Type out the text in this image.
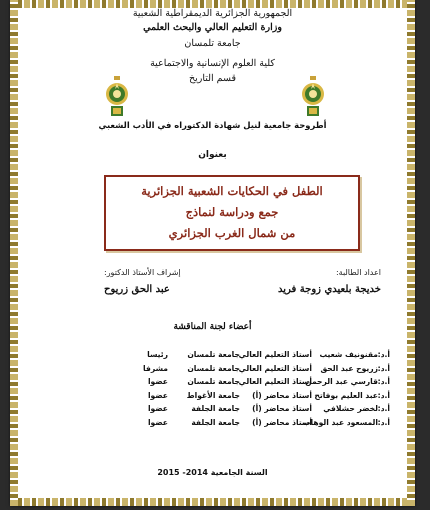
الجمهورية الجزائرية الديمقراطية الشعبية
وزارة التعليم العالي والبحث العلمي
جامعة تلمسان
كلية العلوم الإنسانية والاجتماعية
قسم التاريخ
أطروحة جامعية لنيل شهادة الدكتوراه في الأدب الشعبي
بعنوان
الطفل في الحكايات الشعبية الجزائرية
جمع ودراسة لنماذج
من شمال الغرب الجزائري
اعداد الطالبة:
إشراف الأستاذ الدكتور:
خديجة بلعيدي زوجة فريد
عبد الحق زريوح
أعضاء لجنة المناقشة
أ.د:
مقنونيف شعيب
أستاذ التعليم العالي
جامعة تلمسان
رئيسا
أ.د:
زريوح عبد الحق
أستاذ التعليم العالي
جامعة تلمسان
مشرفا
أ.د:
قارسي عبد الرحمن
أستاذ التعليم العالي
جامعة تلمسان
عضوا
أ.د:
عبد العليم بوفاتح
أستاذ محاضر (أ)
جامعة الأغواط
عضوا
أ.د:
لخضر حشلافي
أستاذ محاضر (أ)
جامعة الجلفة
عضوا
أ.د:
المسعود عبد الوهاب
أستاذ محاضر (أ)
جامعة الجلفة
عضوا
السنة الجامعية 2014- 2015
